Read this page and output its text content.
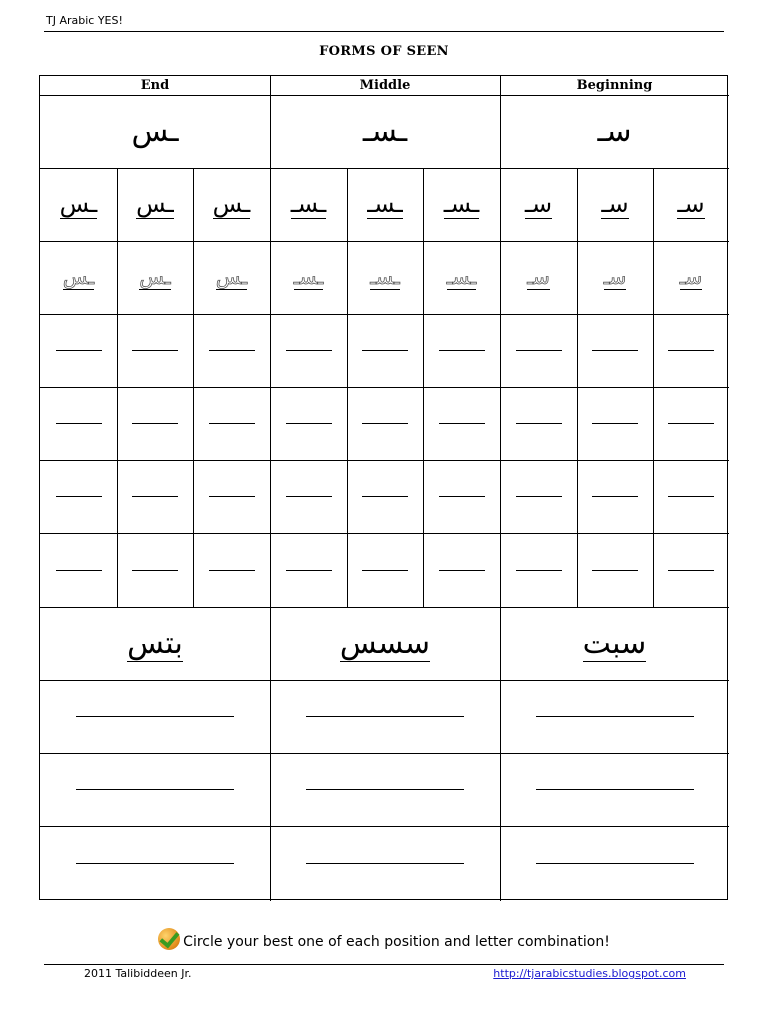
TJ Arabic YES!
FORMS OF SEEN
End	Middle	Beginning
ـس	ـسـ	سـ
بتس	سسس	سبت
ـس ـس ـس ـسـ ـسـ ـسـ سـ سـ سـ
ـس ـس ـس ـسـ ـسـ ـسـ	سـ	سـ	سـ
Circle your best one of each position and letter combination!
2011 Talibiddeen Jr.	http://tjarabicstudies.blogspot.com
